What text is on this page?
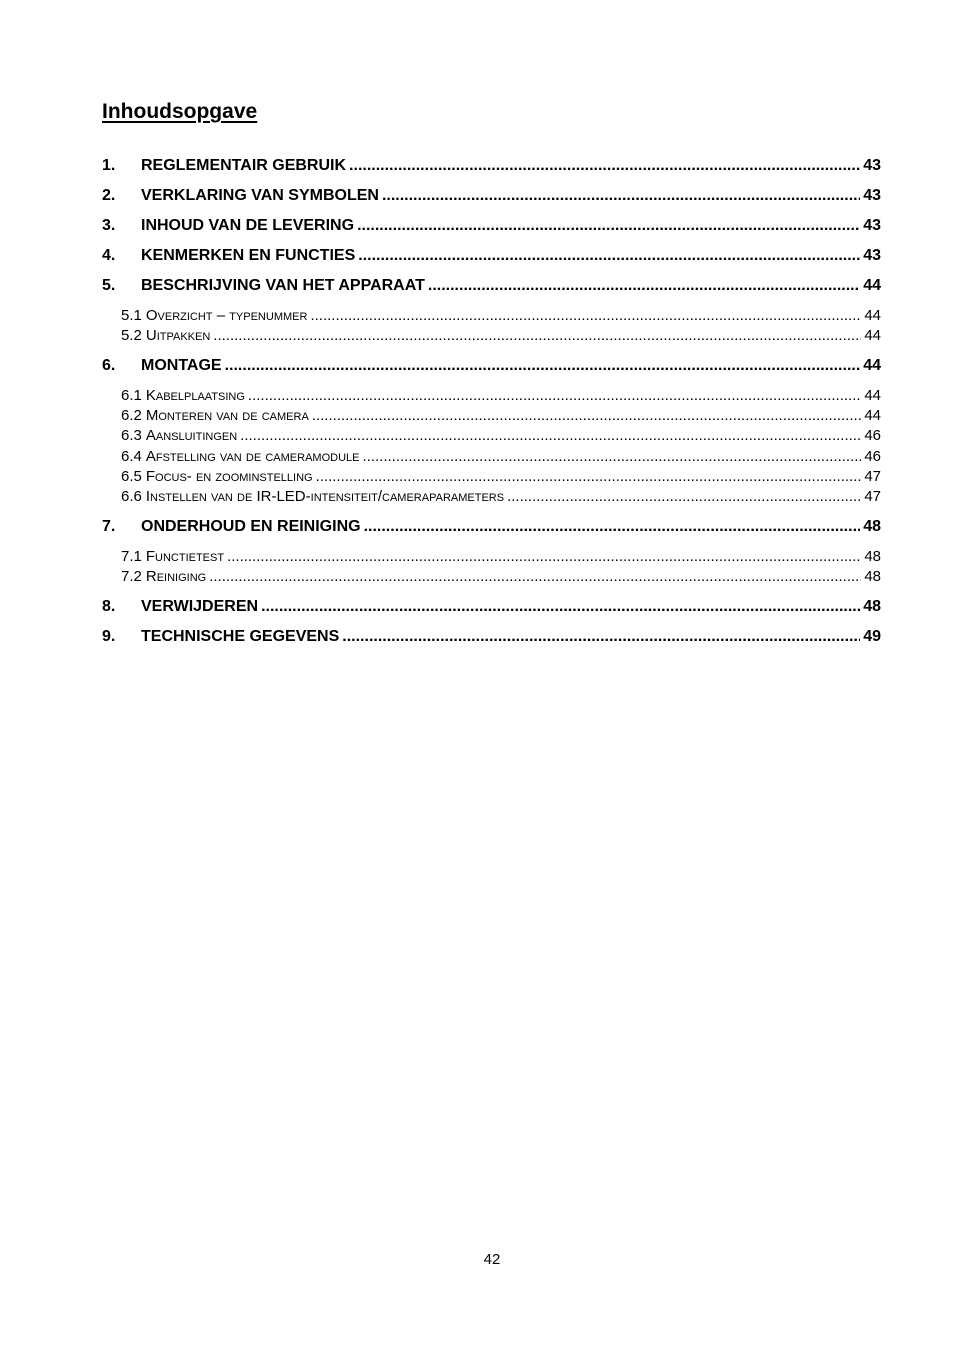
Inhoudsopgave
1.	REGLEMENTAIR GEBRUIK .....	43
2.	VERKLARING VAN SYMBOLEN .....	43
3.	INHOUD VAN DE LEVERING .....	43
4.	KENMERKEN EN FUNCTIES .....	43
5.	BESCHRIJVING VAN HET APPARAAT .....	44
5.1 Overzicht – typenummer .....	44
5.2 Uitpakken .....	44
6.	MONTAGE .....	44
6.1 Kabelplaatsing .....	44
6.2 Monteren van de camera .....	44
6.3 Aansluitingen .....	46
6.4 Afstelling van de cameramodule .....	46
6.5 Focus- en zoominstelling .....	47
6.6 Instellen van de IR-LED-intensiteit/cameraparameters .....	47
7.	ONDERHOUD EN REINIGING .....	48
7.1 Functietest .....	48
7.2 Reiniging .....	48
8.	VERWIJDEREN .....	48
9.	TECHNISCHE GEGEVENS .....	49
42
